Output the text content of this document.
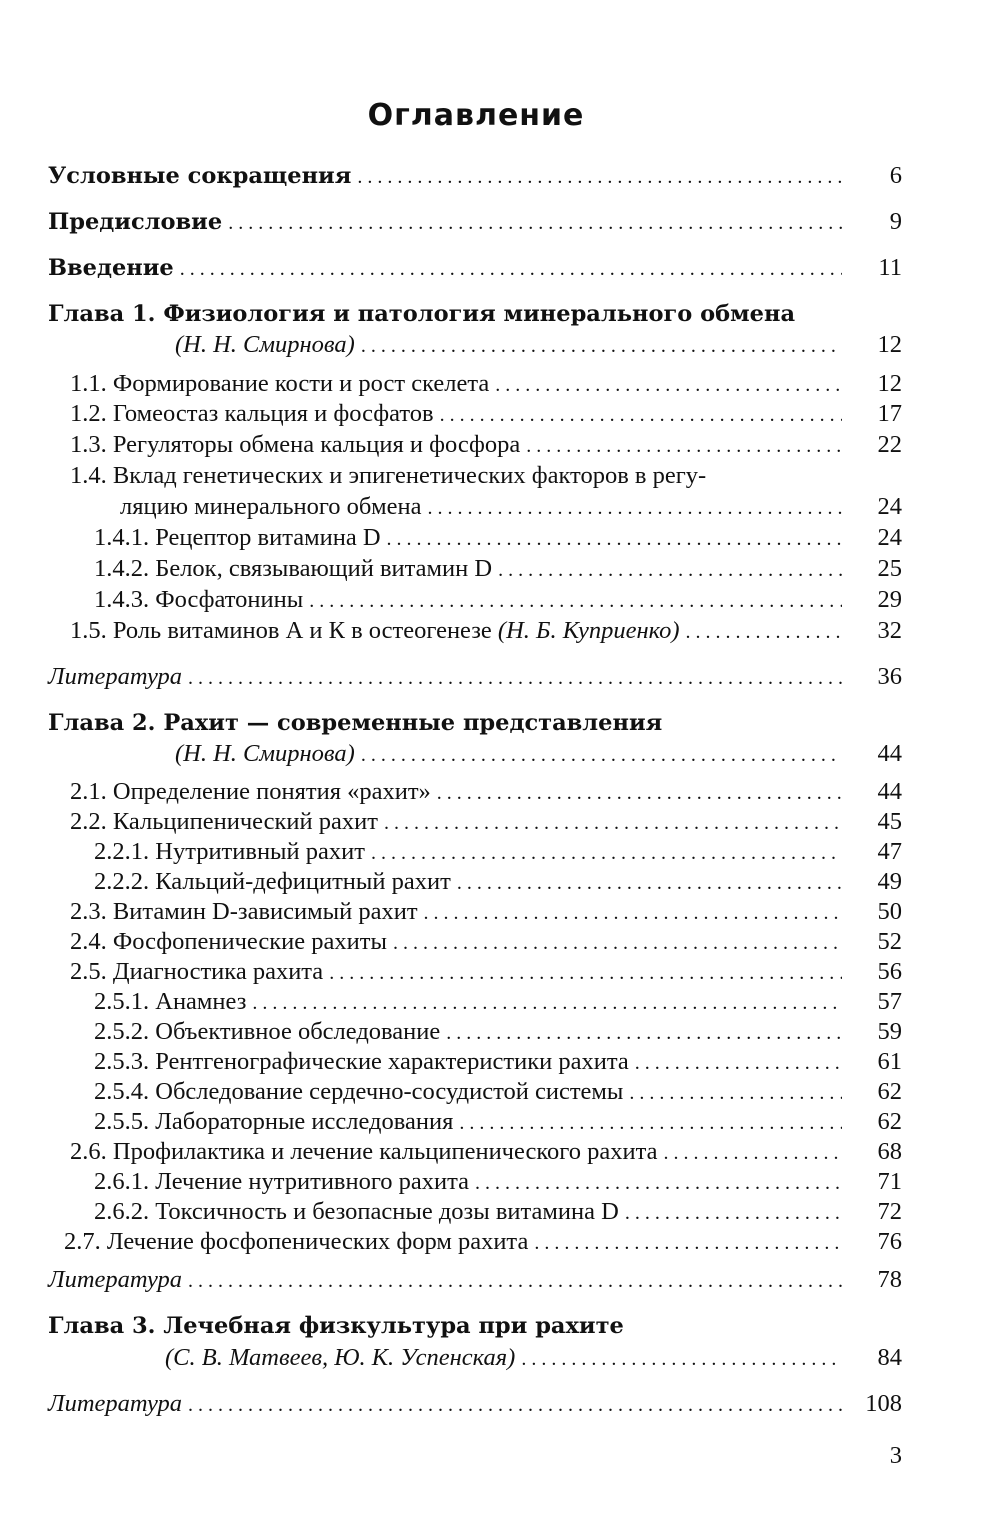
Оглавление
Условные сокращения .....	6
Предисловие .....	9
Введение .....	11
Глава 1. Физиология и патология минерального обмена
(Н. Н. Смирнова) .....	12
1.1. Формирование кости и рост скелета .....	12
1.2. Гомеостаз кальция и фосфатов .....	17
1.3. Регуляторы обмена кальция и фосфора .....	22
1.4. Вклад генетических и эпигенетических факторов в регу-
ляцию минерального обмена .....	24
1.4.1. Рецептор витамина D .....	24
1.4.2. Белок, связывающий витамин D .....	25
1.4.3. Фосфатонины .....	29
1.5. Роль витаминов А и К в остеогенезе (Н. Б. Куприенко) .....	32
Литература .....	36
Глава 2. Рахит — современные представления
(Н. Н. Смирнова) .....	44
2.1. Определение понятия «рахит» .....	44
2.2. Кальципенический рахит .....	45
2.2.1. Нутритивный рахит .....	47
2.2.2. Кальций-дефицитный рахит .....	49
2.3. Витамин D-зависимый рахит .....	50
2.4. Фосфопенические рахиты .....	52
2.5. Диагностика рахита .....	56
2.5.1. Анамнез .....	57
2.5.2. Объективное обследование .....	59
2.5.3. Рентгенографические характеристики рахита .....	61
2.5.4. Обследование сердечно-сосудистой системы .....	62
2.5.5. Лабораторные исследования .....	62
2.6. Профилактика и лечение кальципенического рахита .....	68
2.6.1. Лечение нутритивного рахита .....	71
2.6.2. Токсичность и безопасные дозы витамина D .....	72
2.7. Лечение фосфопенических форм рахита .....	76
Литература .....	78
Глава 3. Лечебная физкультура при рахите
(С. В. Матвеев, Ю. К. Успенская) .....	84
Литература .....	108
3
